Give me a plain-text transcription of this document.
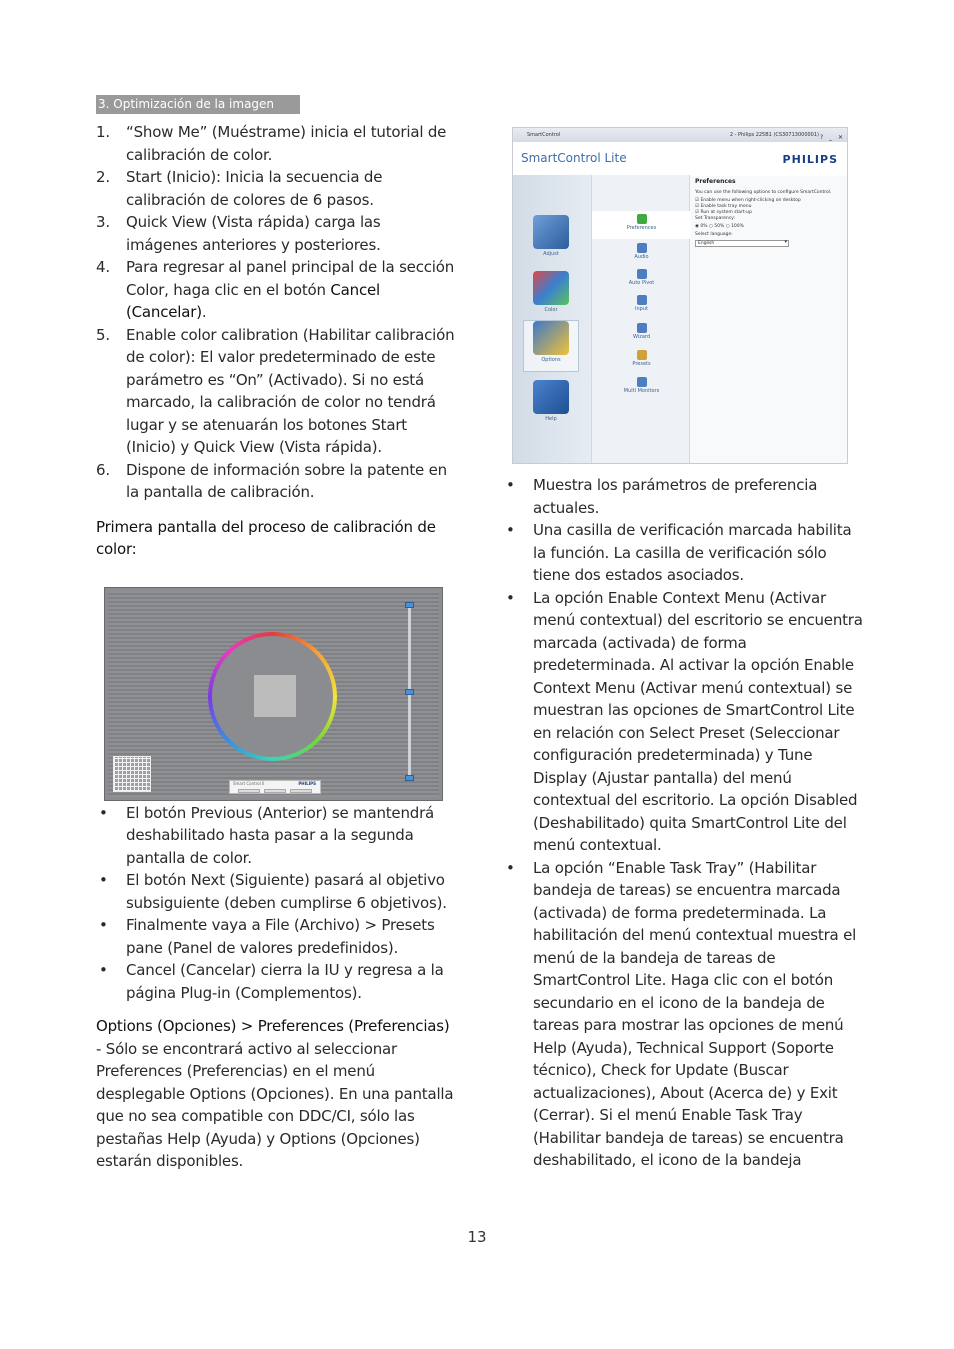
3. Optimización de la imagen
1. “Show Me” (Muéstrame) inicia el tutorial de calibración de color.
2. Start (Inicio): Inicia la secuencia de calibración de colores de 6 pasos.
3. Quick View (Vista rápida) carga las imágenes anteriores y posteriores.
4. Para regresar al panel principal de la sección Color, haga clic en el botón Cancel (Cancelar).
5. Enable color calibration (Habilitar calibración de color): El valor predeterminado de este parámetro es “On” (Activado). Si no está marcado, la calibración de color no tendrá lugar y se atenuarán los botones Start (Inicio) y Quick View (Vista rápida).
6. Dispone de información sobre la patente en la pantalla de calibración.

Primera pantalla del proceso de calibración de color:

• El botón Previous (Anterior) se mantendrá deshabilitado hasta pasar a la segunda pantalla de color.
• El botón Next (Siguiente) pasará al objetivo subsiguiente (deben cumplirse 6 objetivos).
• Finalmente vaya a File (Archivo) > Presets pane (Panel de valores predefinidos).
• Cancel (Cancelar) cierra la IU y regresa a la página Plug-in (Complementos).

Options (Opciones) > Preferences (Preferencias) - Sólo se encontrará activo al seleccionar Preferences (Preferencias) en el menú desplegable Options (Opciones). En una pantalla que no sea compatible con DDC/CI, sólo las pestañas Help (Ayuda) y Options (Opciones) estarán disponibles.

Smart Control II	PHILIPS
SmartControl	2 - Philips 225B1 (CS30713000001) ? _ ✕
SmartControl Lite	PHILIPS
Adjust
Color
Options
Help
Preferences
Audio
Auto Pivot
Input
Wizard
Presets
Multi Monitors
Preferences
You can use the following options to configure SmartControl.
☑ Enable menu when right-clicking on desktop
☑ Enable task tray menu
☑ Run at system start-up
Set Transparency:
◉ 0% ○ 50% ○ 100%
Select language:
English ▾
• Muestra los parámetros de preferencia actuales.
• Una casilla de verificación marcada habilita la función. La casilla de verificación sólo tiene dos estados asociados.
• La opción Enable Context Menu (Activar menú contextual) del escritorio se encuentra marcada (activada) de forma predeterminada. Al activar la opción Enable Context Menu (Activar menú contextual) se muestran las opciones de SmartControl Lite en relación con Select Preset (Seleccionar configuración predeterminada) y Tune Display (Ajustar pantalla) del menú contextual del escritorio. La opción Disabled (Deshabilitado) quita SmartControl Lite del menú contextual.
• La opción “Enable Task Tray” (Habilitar bandeja de tareas) se encuentra marcada (activada) de forma predeterminada. La habilitación del menú contextual muestra el menú de la bandeja de tareas de SmartControl Lite. Haga clic con el botón secundario en el icono de la bandeja de tareas para mostrar las opciones de menú Help (Ayuda), Technical Support (Soporte técnico), Check for Update (Buscar actualizaciones), About (Acerca de) y Exit (Cerrar). Si el menú Enable Task Tray (Habilitar bandeja de tareas) se encuentra deshabilitado, el icono de la bandeja
13
